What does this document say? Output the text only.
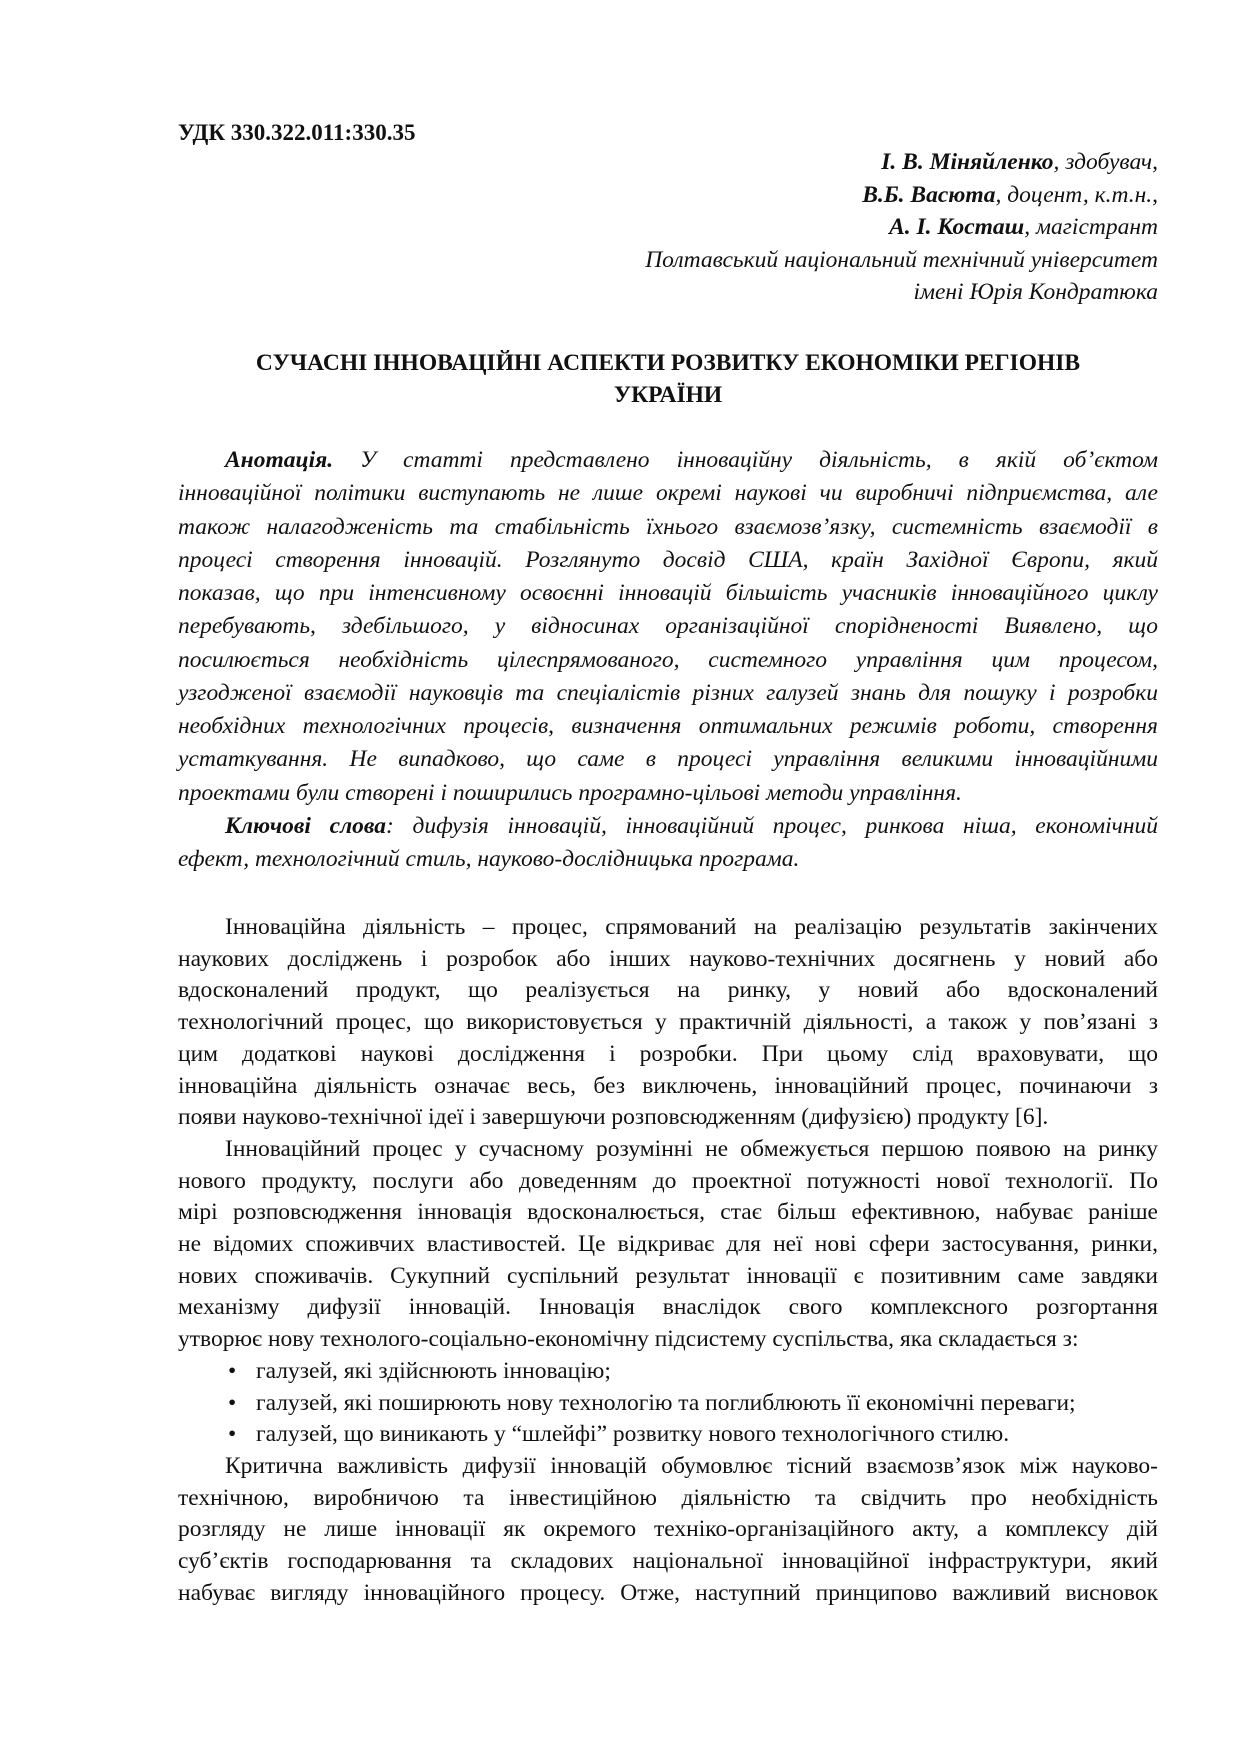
УДК 330.322.011:330.35
І. В. Міняйленко, здобувач,
В.Б. Васюта, доцент, к.т.н.,
А. І. Косташ, магістрант
Полтавський національний технічний університет
імені Юрія Кондратюка
СУЧАСНІ ІННОВАЦІЙНІ АСПЕКТИ РОЗВИТКУ ЕКОНОМІКИ РЕГІОНІВ
УКРАЇНИ
Анотація. У статті представлено інноваційну діяльність, в якій об’єктом
інноваційної політики виступають не лише окремі наукові чи виробничі підприємства, але
також налагодженість та стабільність їхнього взаємозв’язку, системність взаємодії в
процесі створення інновацій. Розглянуто досвід США, країн Західної Європи, який
показав, що при інтенсивному освоєнні інновацій більшість учасників інноваційного циклу
перебувають, здебільшого, у відносинах організаційної спорідненості Виявлено, що
посилюється необхідність цілеспрямованого, системного управління цим процесом,
узгодженої взаємодії науковців та спеціалістів різних галузей знань для пошуку і розробки
необхідних технологічних процесів, визначення оптимальних режимів роботи, створення
устаткування. Не випадково, що саме в процесі управління великими інноваційними
проектами були створені і поширились програмно-цільові методи управління.
Ключові слова: дифузія інновацій, інноваційний процес, ринкова ніша, економічний
ефект, технологічний стиль, науково-дослідницька програма.
Інноваційна діяльність – процес, спрямований на реалізацію результатів закінчених
наукових досліджень і розробок або інших науково-технічних досягнень у новий або
вдосконалений продукт, що реалізується на ринку, у новий або вдосконалений
технологічний процес, що використовується у практичній діяльності, а також у пов’язані з
цим додаткові наукові дослідження і розробки. При цьому слід враховувати, що
інноваційна діяльність означає весь, без виключень, інноваційний процес, починаючи з
появи науково-технічної ідеї і завершуючи розповсюдженням (дифузією) продукту [6].
Інноваційний процес у сучасному розумінні не обмежується першою появою на ринку
нового продукту, послуги або доведенням до проектної потужності нової технології. По
мірі розповсюдження інновація вдосконалюється, стає більш ефективною, набуває раніше
не відомих споживчих властивостей. Це відкриває для неї нові сфери застосування, ринки,
нових споживачів. Сукупний суспільний результат інновації є позитивним саме завдяки
механізму дифузії інновацій. Інновація внаслідок свого комплексного розгортання
утворює нову технолого-соціально-економічну підсистему суспільства, яка складається з:
• галузей, які здійснюють інновацію;
• галузей, які поширюють нову технологію та поглиблюють її економічні переваги;
• галузей, що виникають у “шлейфі” розвитку нового технологічного стилю.
Критична важливість дифузії інновацій обумовлює тісний взаємозв’язок між науково-
технічною, виробничою та інвестиційною діяльністю та свідчить про необхідність
розгляду не лише інновації як окремого техніко-організаційного акту, а комплексу дій
суб’єктів господарювання та складових національної інноваційної інфраструктури, який
набуває вигляду інноваційного процесу. Отже, наступний принципово важливий висновок
